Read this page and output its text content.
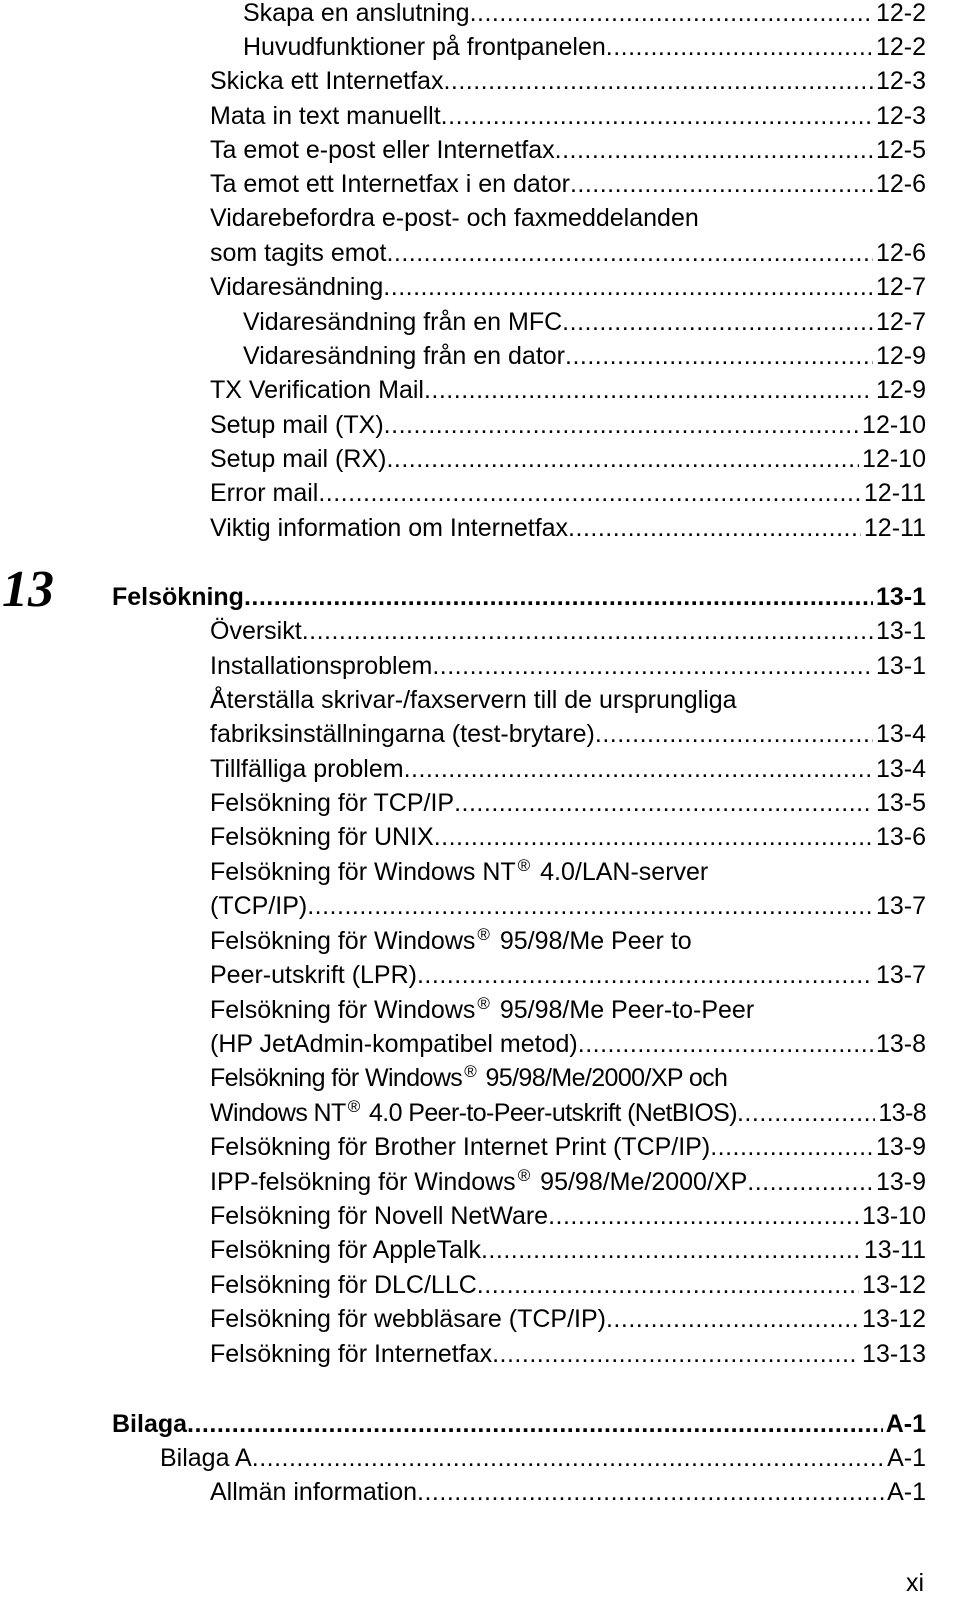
Skapa en anslutning .....	12-2
Huvudfunktioner på frontpanelen .....	12-2
Skicka ett Internetfax .....	12-3
Mata in text manuellt .....	12-3
Ta emot e-post eller Internetfax .....	12-5
Ta emot ett Internetfax i en dator .....	12-6
Vidarebefordra e-post- och faxmeddelanden
som tagits emot .....	12-6
Vidaresändning .....	12-7
Vidaresändning från en MFC .....	12-7
Vidaresändning från en dator .....	12-9
TX Verification Mail .....	12-9
Setup mail (TX) .....	12-10
Setup mail (RX) .....	12-10
Error mail .....	12-11
Viktig information om Internetfax .....	12-11
13 Felsökning .....	13-1
Översikt .....	13-1
Installationsproblem .....	13-1
Återställa skrivar-/faxservern till de ursprungliga
fabriksinställningarna (test-brytare) .....	13-4
Tillfälliga problem .....	13-4
Felsökning för TCP/IP .....	13-5
Felsökning för UNIX .....	13-6
Felsökning för Windows NT ® 4.0/LAN-server
(TCP/IP) .....	13-7
Felsökning för Windows ® 95/98/Me Peer to
Peer-utskrift (LPR) .....	13-7
Felsökning för Windows ® 95/98/Me Peer-to-Peer
(HP JetAdmin-kompatibel metod) .....	13-8
Felsökning för Windows ® 95/98/Me/2000/XP och
Windows NT ® 4.0 Peer-to-Peer-utskrift (NetBIOS) .....	13-8
Felsökning för Brother Internet Print (TCP/IP) .....	13-9
IPP-felsökning för Windows ® 95/98/Me/2000/XP .....	13-9
Felsökning för Novell NetWare .....	13-10
Felsökning för AppleTalk .....	13-11
Felsökning för DLC/LLC .....	13-12
Felsökning för webbläsare (TCP/IP) .....	13-12
Felsökning för Internetfax .....	13-13
Bilaga .....	A-1
Bilaga A .....	A-1
Allmän information .....	A-1
xi
